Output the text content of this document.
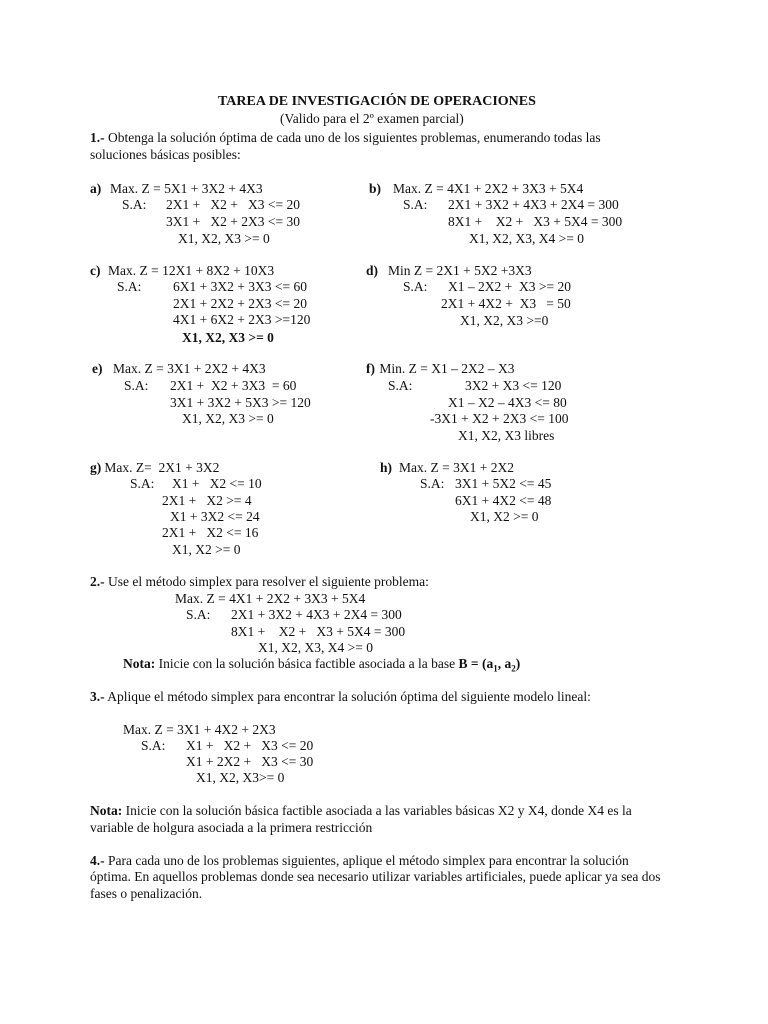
TAREA DE INVESTIGACIÓN DE OPERACIONES
(Valido para el 2º examen parcial)
1.- Obtenga la solución óptima de cada uno de los siguientes problemas, enumerando todas las
soluciones básicas posibles:
a) Max. Z = 5X1 + 3X2 + 4X3
S.A: 2X1 +   X2 +   X3 <= 20
3X1 +   X2 + 2X3 <= 30
X1, X2, X3 >= 0
b) Max. Z = 4X1 + 2X2 + 3X3 + 5X4
S.A: 2X1 + 3X2 + 4X3 + 2X4 = 300
8X1 +    X2 +   X3 + 5X4 = 300
X1, X2, X3, X4 >= 0
c) Max. Z = 12X1 + 8X2 + 10X3
S.A: 6X1 + 3X2 + 3X3 <= 60
2X1 + 2X2 + 2X3 <= 20
4X1 + 6X2 + 2X3 >=120
X1, X2, X3 >= 0
d) Min Z = 2X1 + 5X2 +3X3
S.A: X1 – 2X2 +  X3 >= 20
2X1 + 4X2 +  X3   = 50
X1, X2, X3 >=0
e) Max. Z = 3X1 + 2X2 + 4X3
S.A: 2X1 +  X2 + 3X3  = 60
3X1 + 3X2 + 5X3 >= 120
X1, X2, X3 >= 0
f) Min. Z = X1 – 2X2 – X3
S.A:	3X2 + X3 <= 120
X1 – X2 – 4X3 <= 80
-3X1 + X2 + 2X3 <= 100
X1, X2, X3 libres
g) Max. Z=  2X1 + 3X2
S.A: X1 +   X2 <= 10
2X1 +   X2 >= 4
X1 + 3X2 <= 24
2X1 +   X2 <= 16
X1, X2 >= 0
h) Max. Z = 3X1 + 2X2
S.A: 3X1 + 5X2 <= 45
6X1 + 4X2 <= 48
X1, X2 >= 0
2.- Use el método simplex para resolver el siguiente problema:
Max. Z = 4X1 + 2X2 + 3X3 + 5X4
S.A: 2X1 + 3X2 + 4X3 + 2X4 = 300
8X1 +    X2 +   X3 + 5X4 = 300
X1, X2, X3, X4 >= 0
Nota: Inicie con la solución básica factible asociada a la base $B = (a_1$, $a_2$)
3.- Aplique el método simplex para encontrar la solución óptima del siguiente modelo lineal:
Max. Z = 3X1 + 4X2 + 2X3
S.A: X1 +   X2 +   X3 <= 20
X1 + 2X2 +   X3 <= 30
X1, X2, X3>= 0
Nota: Inicie con la solución básica factible asociada a las variables básicas X2 y X4, donde X4 es la
variable de holgura asociada a la primera restricción
4.- Para cada uno de los problemas siguientes, aplique el método simplex para encontrar la solución
óptima. En aquellos problemas donde sea necesario utilizar variables artificiales, puede aplicar ya sea dos
fases o penalización.
